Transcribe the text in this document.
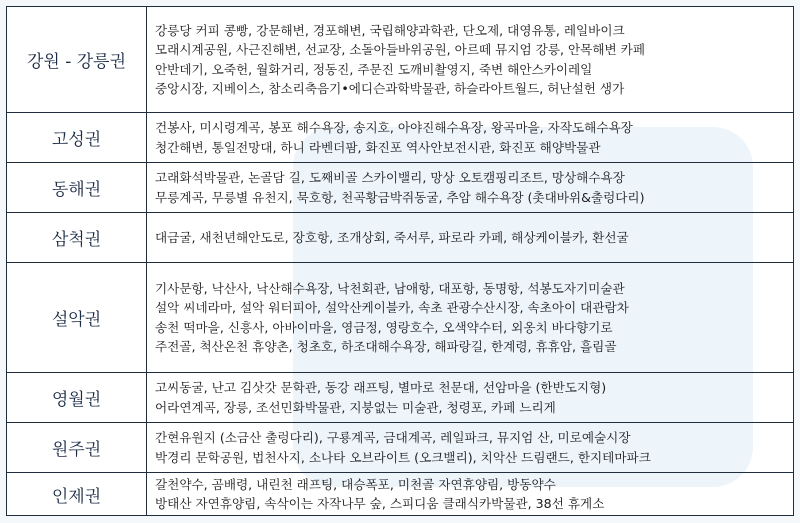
강원 - 강릉권
강릉당 커피 콩빵, 강문해변, 경포해변, 국립해양과학관, 단오제, 대영유통, 레일바이크
모래시계공원, 사근진해변, 선교장, 소돌아들바위공원, 아르떼 뮤지엄 강릉, 안목해변 카페
안반데기, 오죽헌, 월화거리, 정동진, 주문진 도깨비촬영지, 죽변 해안스카이레일
중앙시장, 지베이스, 참소리축음기•에디슨과학박물관, 하슬라아트월드, 허난설헌 생가
고성권
건봉사, 미시령계곡, 봉포 해수욕장, 송지호, 아야진해수욕장, 왕곡마을, 자작도해수욕장
청간해변, 통일전망대, 하니 라벤더팜, 화진포 역사안보전시관, 화진포 해양박물관
동해권
고래화석박물관, 논골담 길, 도째비골 스카이밸리, 망상 오토캠핑리조트, 망상해수욕장
무릉계곡, 무릉별 유천지, 묵호항, 천곡황금박쥐동굴, 추암 해수욕장 (촛대바위&출렁다리)
삼척권	대금굴, 새천년해안도로, 장호항, 조개상회, 죽서루, 파로라 카페, 해상케이블카, 환선굴
설악권
기사문항, 낙산사, 낙산해수욕장, 낙천회관, 남애항, 대포항, 동명항, 석봉도자기미술관
설악 씨네라마, 설악 워터피아, 설악산케이블카, 속초 관광수산시장, 속초아이 대관람차
송천 떡마을, 신흥사, 아바이마을, 영금정, 영랑호수, 오색약수터, 외옹치 바다향기로
주전골, 척산온천 휴양촌, 청초호, 하조대해수욕장, 해파랑길, 한계령, 휴휴암, 흘림골
영월권
고씨동굴, 난고 김삿갓 문학관, 동강 래프팅, 별마로 천문대, 선암마을 (한반도지형)
어라연계곡, 장릉, 조선민화박물관, 지붕없는 미술관, 청령포, 카페 느리게
원주권
간현유원지 (소금산 출렁다리), 구룡계곡, 금대계곡, 레일파크, 뮤지엄 산, 미로예술시장
박경리 문학공원, 법천사지, 소나타 오브라이트 (오크밸리), 치악산 드림랜드, 한지테마파크
인제권
갈천약수, 곰배령, 내린천 래프팅, 대승폭포, 미천골 자연휴양림, 방동약수
방태산 자연휴양림, 속삭이는 자작나무 숲, 스피디움 클래식카박물관, 38선 휴게소
